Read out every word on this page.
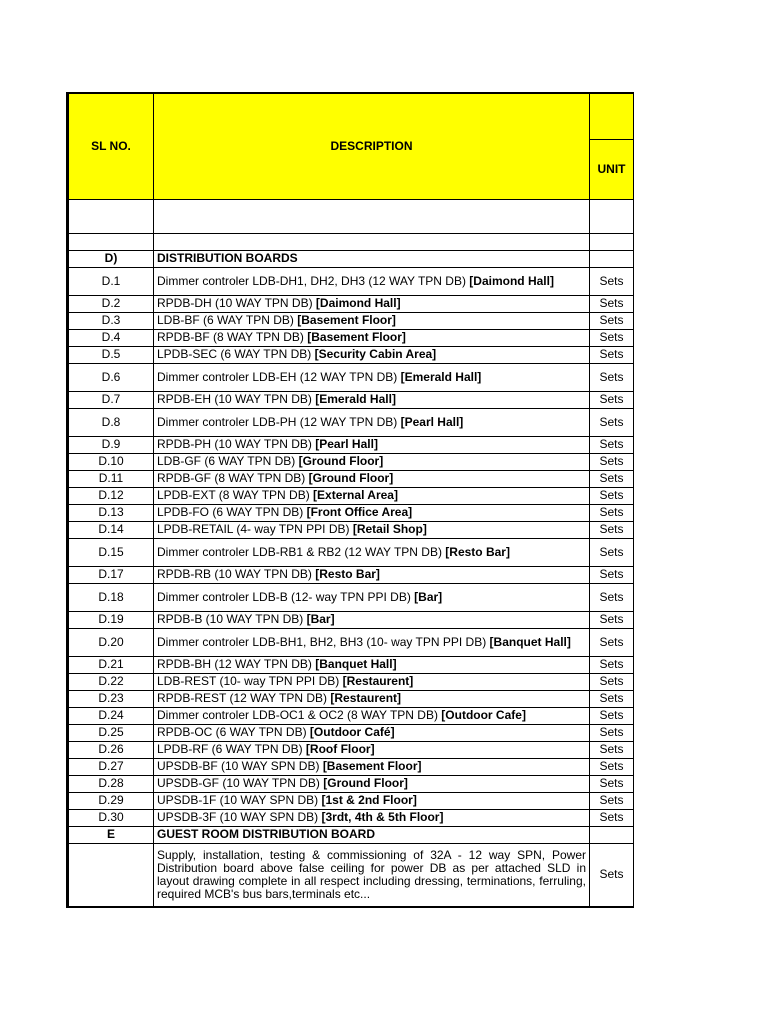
SL NO.	DESCRIPTION	
		UNIT

D)	DISTRIBUTION BOARDS	
D.1	Dimmer controler LDB-DH1, DH2, DH3 (12 WAY TPN DB) [Daimond Hall]	Sets
D.2	RPDB-DH (10 WAY TPN DB) [Daimond Hall]	Sets
D.3	LDB-BF (6 WAY TPN DB) [Basement Floor]	Sets
D.4	RPDB-BF (8 WAY TPN DB) [Basement Floor]	Sets
D.5	LPDB-SEC (6 WAY TPN DB) [Security Cabin Area]	Sets
D.6	Dimmer controler LDB-EH (12 WAY TPN DB) [Emerald Hall]	Sets
D.7	RPDB-EH (10 WAY TPN DB) [Emerald Hall]	Sets
D.8	Dimmer controler LDB-PH (12 WAY TPN DB) [Pearl Hall]	Sets
D.9	RPDB-PH (10 WAY TPN DB) [Pearl Hall]	Sets
D.10	LDB-GF (6 WAY TPN DB) [Ground Floor]	Sets
D.11	RPDB-GF (8 WAY TPN DB) [Ground Floor]	Sets
D.12	LPDB-EXT (8 WAY TPN DB) [External Area]	Sets
D.13	LPDB-FO (6 WAY TPN DB) [Front Office Area]	Sets
D.14	LPDB-RETAIL (4- way TPN PPI DB) [Retail Shop]	Sets
D.15	Dimmer controler LDB-RB1 & RB2 (12 WAY TPN DB) [Resto Bar]	Sets
D.17	RPDB-RB (10 WAY TPN DB) [Resto Bar]	Sets
D.18	Dimmer controler LDB-B (12- way TPN PPI DB) [Bar]	Sets
D.19	RPDB-B (10 WAY TPN DB) [Bar]	Sets
D.20	Dimmer controler LDB-BH1, BH2, BH3 (10- way TPN PPI DB) [Banquet Hall]	Sets
D.21	RPDB-BH (12 WAY TPN DB) [Banquet Hall]	Sets
D.22	LDB-REST (10- way TPN PPI DB) [Restaurent]	Sets
D.23	RPDB-REST (12 WAY TPN DB) [Restaurent]	Sets
D.24	Dimmer controler LDB-OC1 & OC2 (8 WAY TPN DB) [Outdoor Cafe]	Sets
D.25	RPDB-OC (6 WAY TPN DB) [Outdoor Café]	Sets
D.26	LPDB-RF (6 WAY TPN DB) [Roof Floor]	Sets
D.27	UPSDB-BF (10 WAY SPN DB) [Basement Floor]	Sets
D.28	UPSDB-GF (10 WAY TPN DB) [Ground Floor]	Sets
D.29	UPSDB-1F (10 WAY SPN DB) [1st & 2nd Floor]	Sets
D.30	UPSDB-3F (10 WAY SPN DB) [3rdt, 4th & 5th Floor]	Sets
E	GUEST ROOM DISTRIBUTION BOARD	
	Supply, installation, testing & commissioning of 32A - 12 way SPN, Power Distribution board above false ceiling for power DB as per attached SLD in layout drawing complete in all respect including dressing, terminations, ferruling, required MCB's bus bars,terminals etc...	Sets
